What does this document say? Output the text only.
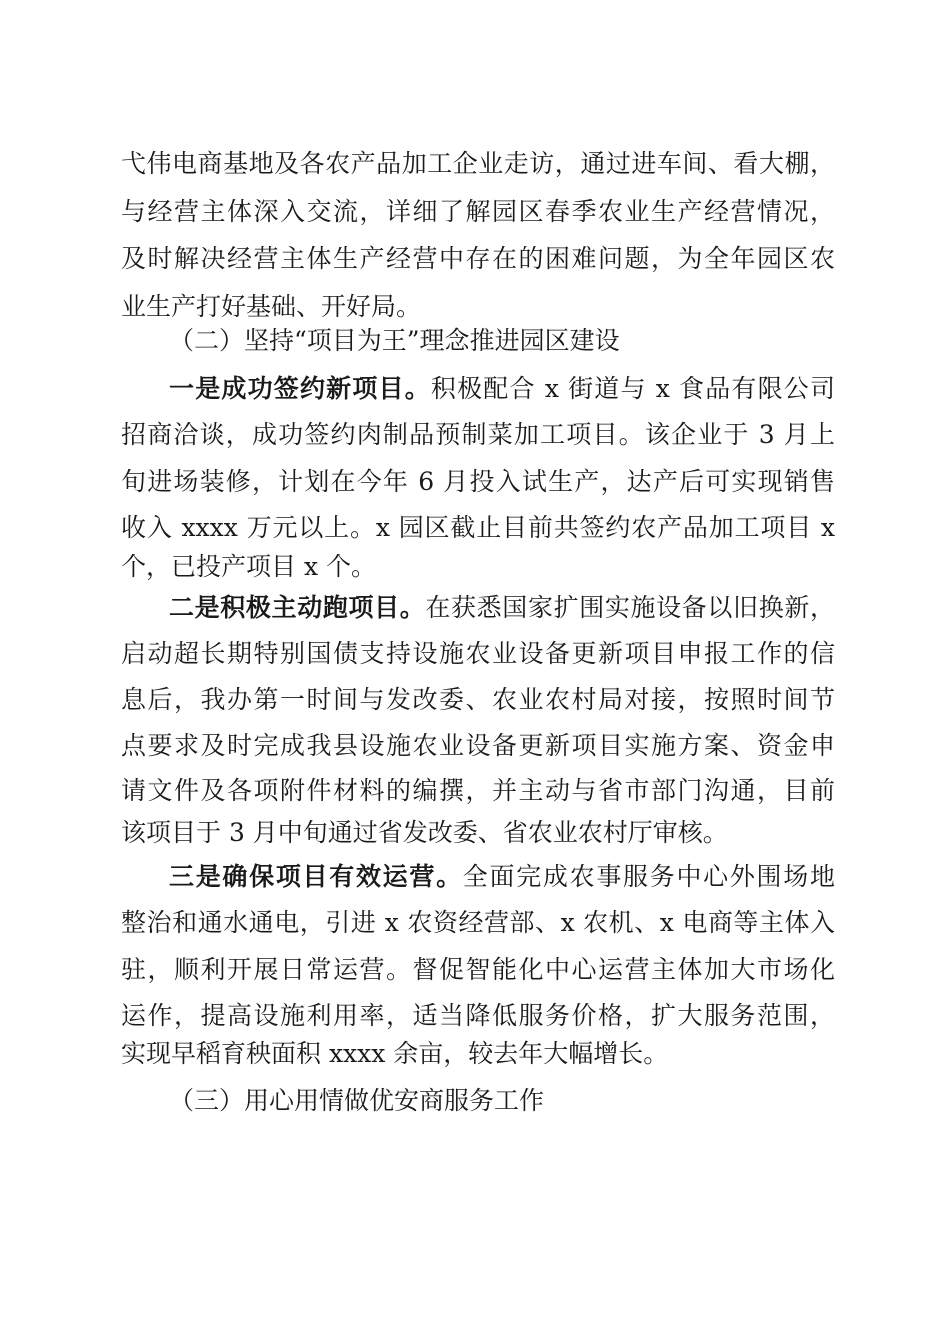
弋伟电商基地及各农产品加工企业走访，通过进车间、看大棚，
与经营主体深入交流，详细了解园区春季农业生产经营情况，
及时解决经营主体生产经营中存在的困难问题，为全年园区农
业生产打好基础、开好局。
（二）坚持“项目为王”理念推进园区建设
一是成功签约新项目。积极配合 x 街道与 x 食品有限公司
招商洽谈，成功签约肉制品预制菜加工项目。该企业于 3 月上
旬进场装修，计划在今年 6 月投入试生产，达产后可实现销售
收入 xxxx 万元以上。x 园区截止目前共签约农产品加工项目 x
个，已投产项目 x 个。
二是积极主动跑项目。在获悉国家扩围实施设备以旧换新，
启动超长期特别国债支持设施农业设备更新项目申报工作的信
息后，我办第一时间与发改委、农业农村局对接，按照时间节
点要求及时完成我县设施农业设备更新项目实施方案、资金申
请文件及各项附件材料的编撰，并主动与省市部门沟通，目前
该项目于 3 月中旬通过省发改委、省农业农村厅审核。
三是确保项目有效运营。全面完成农事服务中心外围场地
整治和通水通电，引进 x 农资经营部、x 农机、x 电商等主体入
驻，顺利开展日常运营。督促智能化中心运营主体加大市场化
运作，提高设施利用率，适当降低服务价格，扩大服务范围，
实现早稻育秧面积 xxxx 余亩，较去年大幅增长。
（三）用心用情做优安商服务工作
